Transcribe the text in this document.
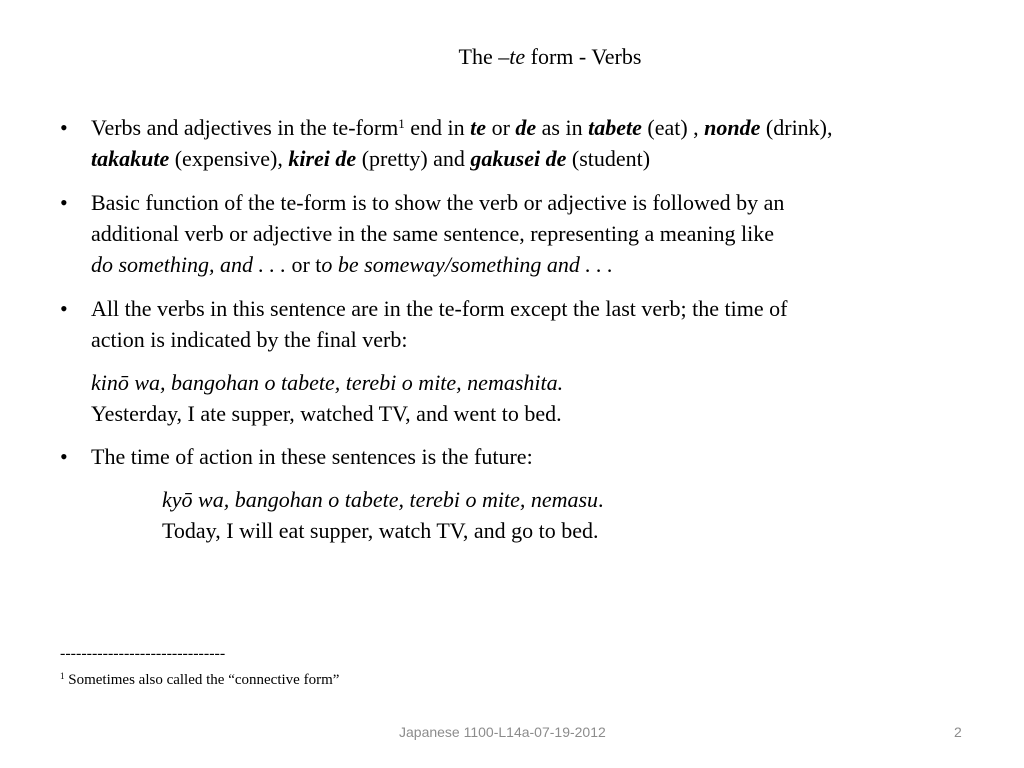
The –te form - Verbs
• Verbs and adjectives in the te-form$^1$ end in te or de as in tabete (eat) , nonde (drink),
takakute (expensive), kirei de (pretty) and gakusei de (student)
• Basic function of the te-form is to show the verb or adjective is followed by an
additional verb or adjective in the same sentence, representing a meaning like
do something, and . . . or to be someway/something and . . .
• All the verbs in this sentence are in the te-form except the last verb; the time of
action is indicated by the final verb:
kinō wa, bangohan o tabete, terebi o mite, nemashita.
Yesterday, I ate supper, watched TV, and went to bed.
• The time of action in these sentences is the future:
kyō wa, bangohan o tabete, terebi o mite, nemasu.
Today, I will eat supper, watch TV, and go to bed.
-------------------------------
$^1$ Sometimes also called the “connective form”
Japanese 1100-L14a-07-19-2012	2
